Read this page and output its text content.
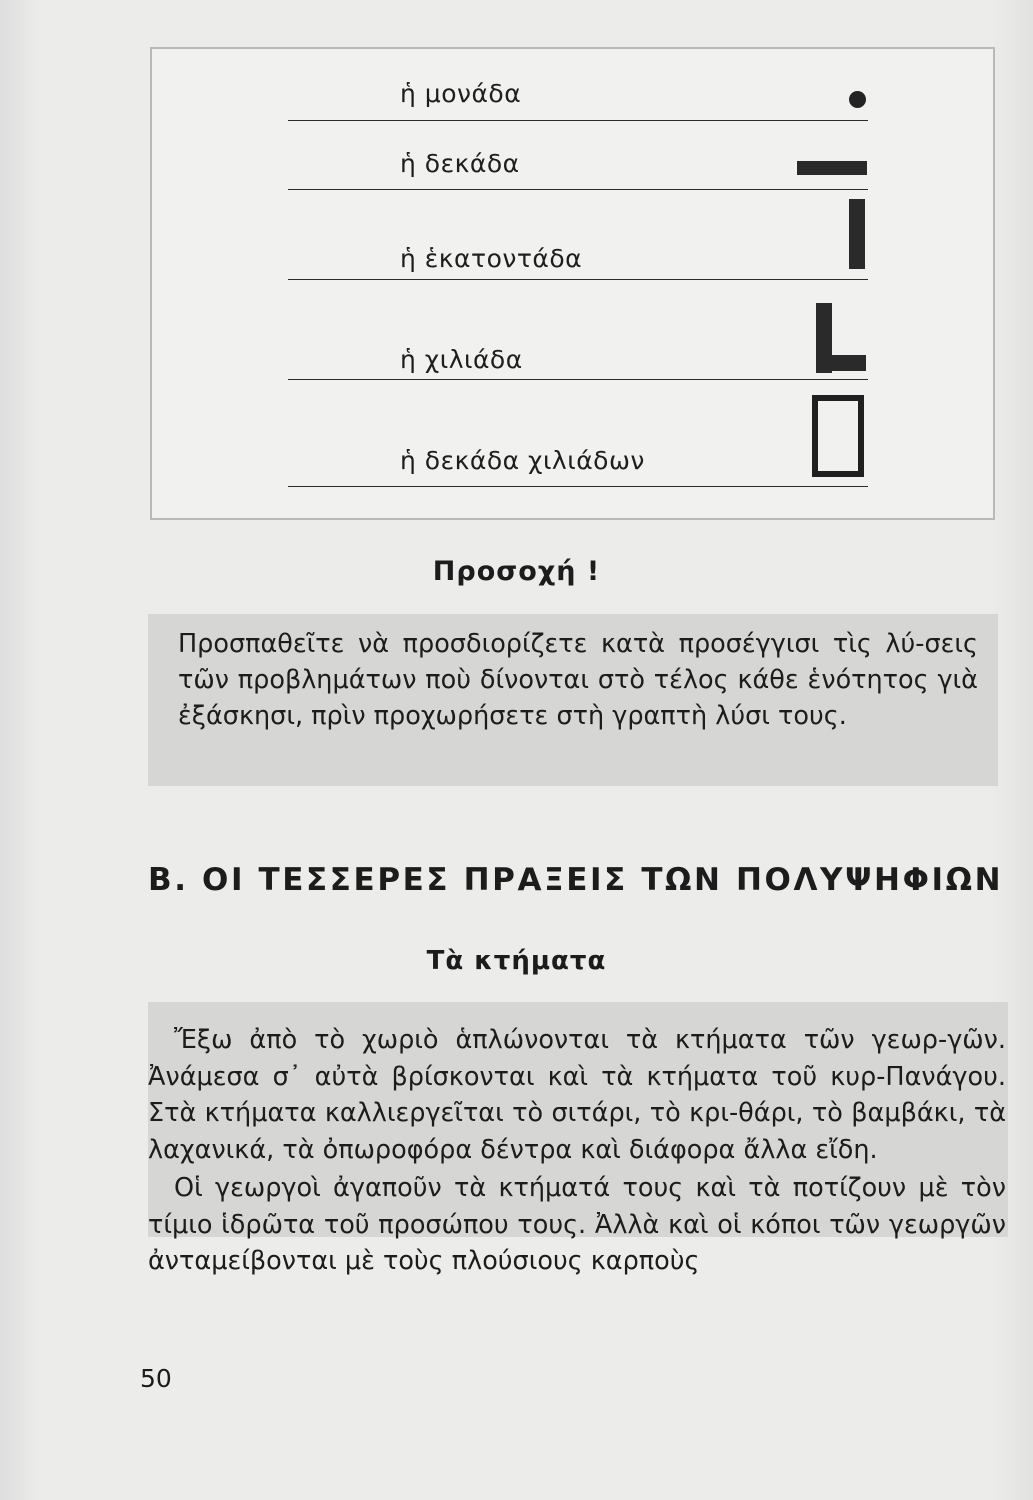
ἡ μονάδα
ἡ δεκάδα
ἡ ἑκατοντάδα
ἡ χιλιάδα
ἡ δεκάδα χιλιάδων
Προσοχή !
Προσπαθεῖτε νὰ προσδιορίζετε κατὰ προσέγγισι τὶς λύ-σεις τῶν προβλημάτων ποὺ δίνονται στὸ τέλος κάθε ἑνότητος γιὰ ἐξάσκησι, πρὶν προχωρήσετε στὴ γραπτὴ λύσι τους.
Β. ΟΙ ΤΕΣΣΕΡΕΣ ΠΡΑΞΕΙΣ ΤΩΝ ΠΟΛΥΨΗΦΙΩΝ
Τὰ κτήματα

Ἔξω ἀπὸ τὸ χωριὸ ἁπλώνονται τὰ κτήματα τῶν γεωρ-γῶν. Ἀνάμεσα σ᾽ αὐτὰ βρίσκονται καὶ τὰ κτήματα τοῦ κυρ-Πανάγου. Στὰ κτήματα καλλιεργεῖται τὸ σιτάρι, τὸ κρι-θάρι, τὸ βαμβάκι, τὰ λαχανικά, τὰ ὀπωροφόρα δέντρα καὶ διάφορα ἄλλα εἴδη.

Οἱ γεωργοὶ ἀγαποῦν τὰ κτήματά τους καὶ τὰ ποτίζουν μὲ τὸν τίμιο ἱδρῶτα τοῦ προσώπου τους. Ἀλλὰ καὶ οἱ κόποι τῶν γεωργῶν ἀνταμείβονται μὲ τοὺς πλούσιους καρποὺς

50
